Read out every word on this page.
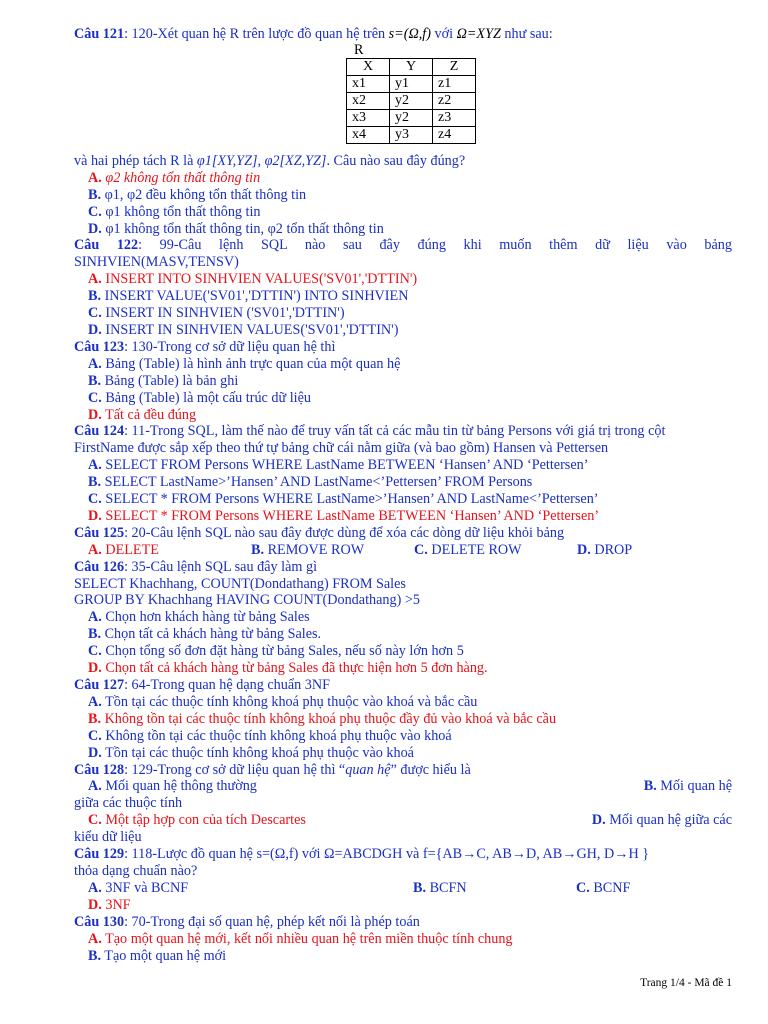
Câu 121: 120-Xét quan hệ R trên lược đồ quan hệ trên s=(Ω,f) với Ω=XYZ như sau:
R
X	Y	Z
x1	y1	z1
x2	y2	z2
x3	y2	z3
x4	y3	z4
và hai phép tách R là φ1[XY,YZ], φ2[XZ,YZ]. Câu nào sau đây đúng?
A. φ2 không tổn thất thông tin
B. φ1, φ2 đều không tổn thất thông tin
C. φ1 không tổn thất thông tin
D. φ1 không tổn thất thông tin, φ2 tổn thất thông tin
Câu 122: 99-Câu lệnh SQL nào sau đây đúng khi muốn thêm dữ liệu vào bảng
SINHVIEN(MASV,TENSV)
A. INSERT INTO SINHVIEN VALUES('SV01','DTTIN')
B. INSERT VALUE('SV01','DTTIN') INTO SINHVIEN
C. INSERT IN SINHVIEN ('SV01','DTTIN')
D. INSERT IN SINHVIEN VALUES('SV01','DTTIN')
Câu 123: 130-Trong cơ sở dữ liệu quan hệ thì
A. Bảng (Table) là hình ảnh trực quan của một quan hệ
B. Bảng (Table) là bản ghi
C. Bảng (Table) là một cấu trúc dữ liệu
D. Tất cả đều đúng
Câu 124: 11-Trong SQL, làm thế nào để truy vấn tất cả các mẫu tin từ bảng Persons với giá trị trong cột
FirstName được sắp xếp theo thứ tự bảng chữ cái nằm giữa (và bao gồm) Hansen và Pettersen
A. SELECT FROM Persons WHERE LastName BETWEEN ‘Hansen’ AND ‘Pettersen’
B. SELECT LastName>’Hansen’ AND LastName<’Pettersen’ FROM Persons
C. SELECT * FROM Persons WHERE LastName>’Hansen’ AND LastName<’Pettersen’
D. SELECT * FROM Persons WHERE LastName BETWEEN ‘Hansen’ AND ‘Pettersen’
Câu 125: 20-Câu lệnh SQL nào sau đây được dùng để xóa các dòng dữ liệu khỏi bảng
A. DELETE	B. REMOVE ROW	C. DELETE ROW	D. DROP
Câu 126: 35-Câu lệnh SQL sau đây làm gì
SELECT Khachhang, COUNT(Dondathang) FROM Sales
GROUP BY Khachhang HAVING COUNT(Dondathang) >5
A. Chọn hơn khách hàng từ bảng Sales
B. Chọn tất cả khách hàng từ bảng Sales.
C. Chọn tổng số đơn đặt hàng từ bảng Sales, nếu số này lớn hơn 5
D. Chọn tất cả khách hàng từ bảng Sales đã thực hiện hơn 5 đơn hàng.
Câu 127: 64-Trong quan hệ dạng chuẩn 3NF
A. Tồn tại các thuộc tính không khoá phụ thuộc vào khoá và bắc cầu
B. Không tồn tại các thuộc tính không khoá phụ thuộc đầy đủ vào khoá và bắc cầu
C. Không tồn tại các thuộc tính không khoá phụ thuộc vào khoá
D. Tồn tại các thuộc tính không khoá phụ thuộc vào khoá
Câu 128: 129-Trong cơ sở dữ liệu quan hệ thì “quan hệ” được hiểu là
A. Mối quan hệ thông thường	B. Mối quan hệ
giữa các thuộc tính
C. Một tập hợp con của tích Descartes	D. Mối quan hệ giữa các
kiểu dữ liệu
Câu 129: 118-Lược đồ quan hệ s=(Ω,f) với Ω=ABCDGH và f={AB→C, AB→D, AB→GH, D→H }
thỏa dạng chuẩn nào?
A. 3NF và BCNF	B. BCFN	C. BCNF
D. 3NF
Câu 130: 70-Trong đại số quan hệ, phép kết nối là phép toán
A. Tạo một quan hệ mới, kết nối nhiều quan hệ trên miền thuộc tính chung
B. Tạo một quan hệ mới
Trang 1/4 - Mã đề 1
